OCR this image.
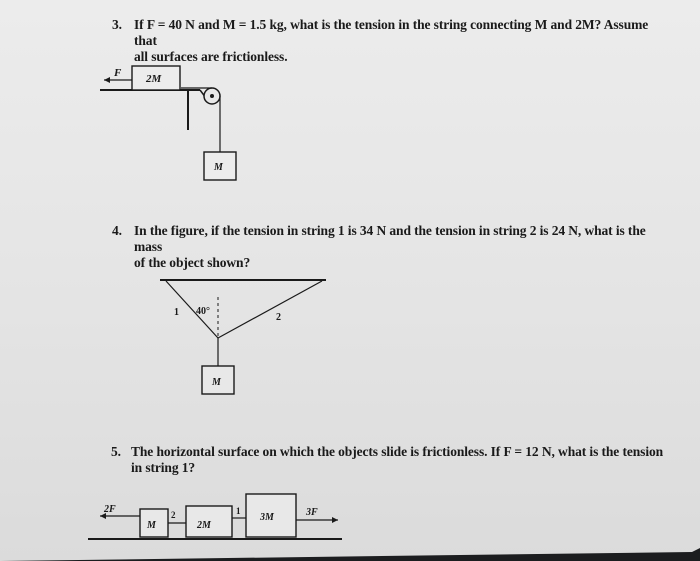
3. If F = 40 N and M = 1.5 kg, what is the tension in the string connecting M and 2M? Assume that
all surfaces are frictionless.
4. In the figure, if the tension in string 1 is 34 N and the tension in string 2 is 24 N, what is the mass
of the object shown?
5. The horizontal surface on which the objects slide is frictionless. If F = 12 N, what is the tension
in string 1?
F 2M
M
1	2
40°
M
2F	3F
M	2M
3M
2	1
